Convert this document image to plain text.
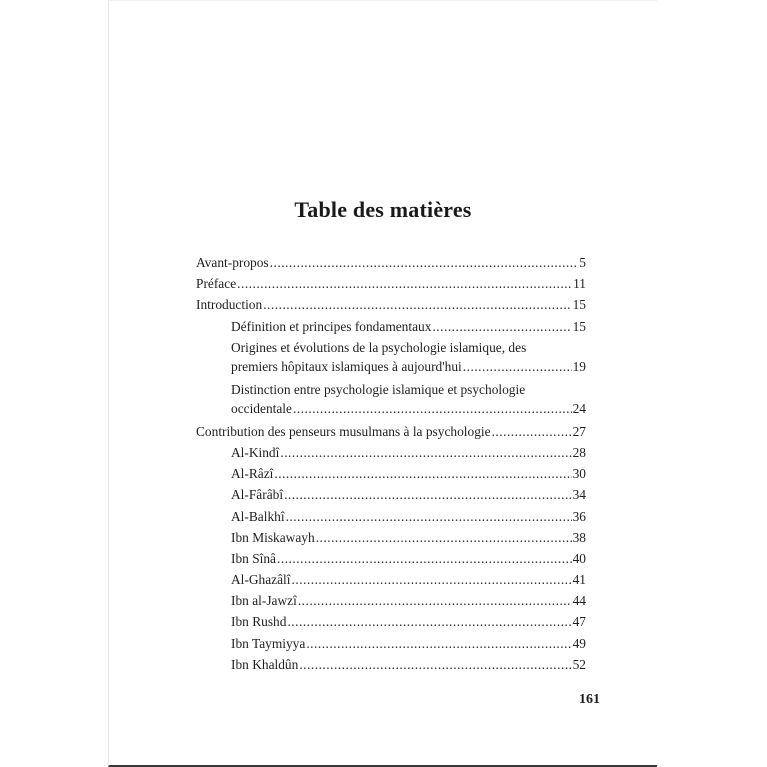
Table des matières
Avant-propos .....	5
Préface .....	11
Introduction .....	15
Définition et principes fondamentaux .....	15
Origines et évolutions de la psychologie islamique, des
premiers hôpitaux islamiques à aujourd'hui .....	19
Distinction entre psychologie islamique et psychologie
occidentale .....	24
Contribution des penseurs musulmans à la psychologie .....	27
Al-Kindî .....	28
Al-Râzî .....	30
Al-Fârâbî .....	34
Al-Balkhî .....	36
Ibn Miskawayh .....	38
Ibn Sînâ .....	40
Al-Ghazâlî .....	41
Ibn al-Jawzî .....	44
Ibn Rushd .....	47
Ibn Taymiyya .....	49
Ibn Khaldûn .....	52
161
